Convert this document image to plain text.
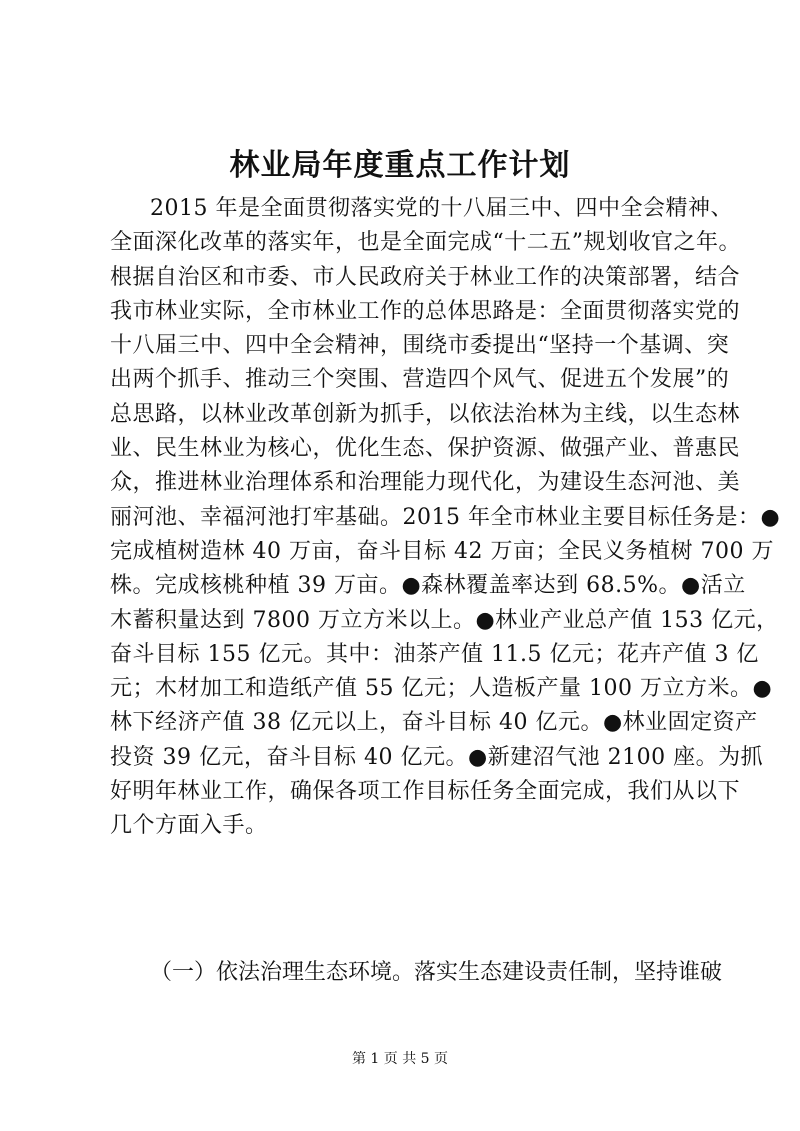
林业局年度重点工作计划
2015 年是全面贯彻落实党的十八届三中、四中全会精神、
全面深化改革的落实年，也是全面完成“十二五”规划收官之年。
根据自治区和市委、市人民政府关于林业工作的决策部署，结合
我市林业实际，全市林业工作的总体思路是：全面贯彻落实党的
十八届三中、四中全会精神，围绕市委提出“坚持一个基调、突
出两个抓手、推动三个突围、营造四个风气、促进五个发展”的
总思路，以林业改革创新为抓手，以依法治林为主线，以生态林
业、民生林业为核心，优化生态、保护资源、做强产业、普惠民
众，推进林业治理体系和治理能力现代化，为建设生态河池、美
丽河池、幸福河池打牢基础。2015 年全市林业主要目标任务是：●
完成植树造林 40 万亩，奋斗目标 42 万亩；全民义务植树 700 万
株。完成核桃种植 39 万亩。●森林覆盖率达到 68.5%。●活立
木蓄积量达到 7800 万立方米以上。●林业产业总产值 153 亿元，
奋斗目标 155 亿元。其中：油茶产值 11.5 亿元；花卉产值 3 亿
元；木材加工和造纸产值 55 亿元；人造板产量 100 万立方米。●
林下经济产值 38 亿元以上，奋斗目标 40 亿元。●林业固定资产
投资 39 亿元，奋斗目标 40 亿元。●新建沼气池 2100 座。为抓
好明年林业工作，确保各项工作目标任务全面完成，我们从以下
几个方面入手。
（一）依法治理生态环境。落实生态建设责任制，坚持谁破
第 1 页 共 5 页
